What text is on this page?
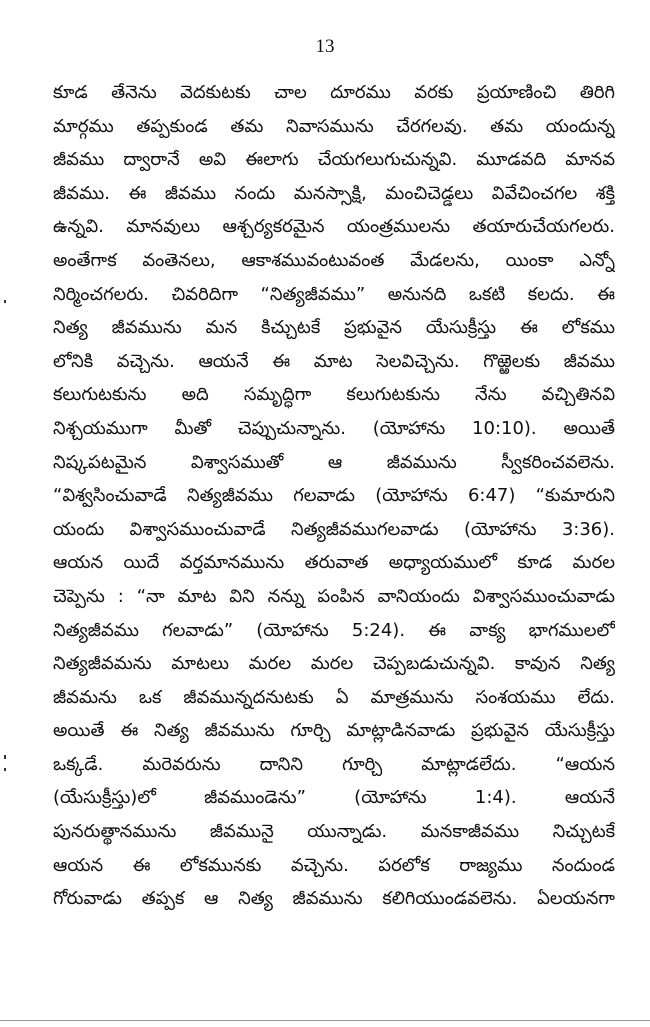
13
కూడ తేనెను వెదకుటకు చాల దూరము వరకు ప్రయాణించి తిరిగి
మార్గము తప్పకుండ తమ నివాసమును చేరగలవు. తమ యందున్న
జీవము ద్వారానే అవి ఈలాగు చేయగలుగుచున్నవి. మూడవది మానవ
జీవము. ఈ జీవము నందు మనస్సాక్షి, మంచిచెడ్డలు వివేచించగల శక్తి
ఉన్నవి. మానవులు ఆశ్చర్యకరమైన యంత్రములను తయారుచేయగలరు.
అంతేగాక వంతెనలు, ఆకాశమువంటువంత మేడలను, యింకా ఎన్నో
నిర్మించగలరు. చివరిదిగా “నిత్యజీవము” అనునది ఒకటి కలదు. ఈ
నిత్య జీవమును మన కిచ్చుటకే ప్రభువైన యేసుక్రీస్తు ఈ లోకము
లోనికి వచ్చెను. ఆయనే ఈ మాట సెలవిచ్చెను. గొఱ్ఱెలకు జీవము
కలుగుటకును అది సమృద్ధిగా కలుగుటకును నేను వచ్చితినవి
నిశ్చయముగా మీతో చెప్పుచున్నాను. (యోహాను 10:10). అయితే
నిష్కపటమైన విశ్వాసముతో ఆ జీవమును స్వీకరించవలెను.
“విశ్వసించువాడే నిత్యజీవము గలవాడు (యోహాను 6:47) “కుమారుని
యందు విశ్వాసముంచువాడే నిత్యజీవముగలవాడు (యోహాను 3:36).
ఆయన యిదే వర్తమానమును తరువాత అధ్యాయములో కూడ మరల
చెప్పెను : “నా మాట విని నన్ను పంపిన వానియందు విశ్వాసముంచువాడు
నిత్యజీవము గలవాడు” (యోహాను 5:24). ఈ వాక్య భాగములలో
నిత్యజీవమను మాటలు మరల మరల చెప్పబడుచున్నవి. కావున నిత్య
జీవమను ఒక జీవమున్నదనుటకు ఏ మాత్రమును సంశయము లేదు.
అయితే ఈ నిత్య జీవమును గూర్చి మాట్లాడినవాడు ప్రభువైన యేసుక్రీస్తు
ఒక్కడే. మరెవరును దానిని గూర్చి మాట్లాడలేదు. “ఆయన
(యేసుక్రీస్తు)లో జీవముండెను” (యోహాను 1:4). ఆయనే
పునరుత్థానమును జీవమునై యున్నాడు. మనకాజీవము నిచ్చుటకే
ఆయన ఈ లోకమునకు వచ్చెను. పరలోక రాజ్యము నందుండ
గోరువాడు తప్పక ఆ నిత్య జీవమును కలిగియుండవలెను. ఏలయనగా
